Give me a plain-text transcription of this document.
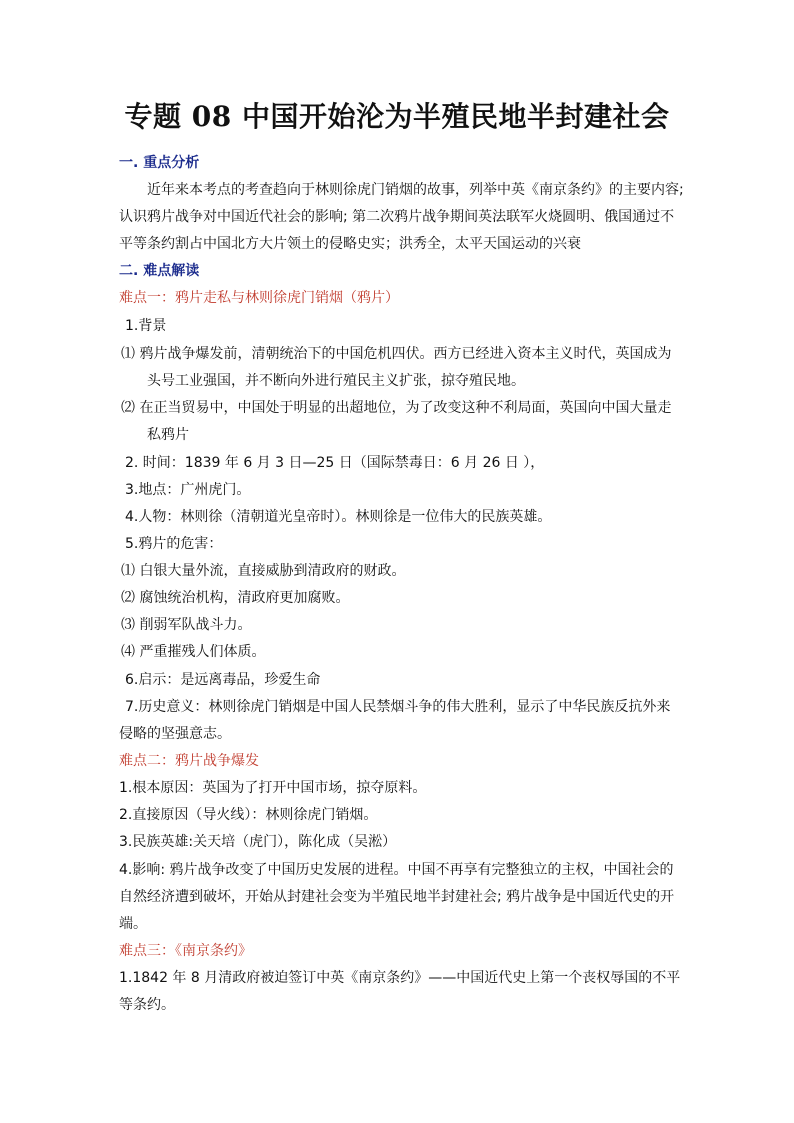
专题 08 中国开始沦为半殖民地半封建社会
一. 重点分析
近年来本考点的考查趋向于林则徐虎门销烟的故事，列举中英《南京条约》的主要内容;
认识鸦片战争对中国近代社会的影响; 第二次鸦片战争期间英法联军火烧圆明、俄国通过不
平等条约割占中国北方大片领土的侵略史实；洪秀全，太平天国运动的兴衰
二. 难点解读
难点一：鸦片走私与林则徐虎门销烟（鸦片）
1.背景
⑴ 鸦片战争爆发前，清朝统治下的中国危机四伏。西方已经进入资本主义时代，英国成为
头号工业强国，并不断向外进行殖民主义扩张，掠夺殖民地。
⑵ 在正当贸易中，中国处于明显的出超地位，为了改变这种不利局面，英国向中国大量走
私鸦片
2. 时间：1839 年 6 月 3 日—25 日（国际禁毒日：6 月 26 日 ），
3.地点：广州虎门。
4.人物：林则徐（清朝道光皇帝时）。林则徐是一位伟大的民族英雄。
5.鸦片的危害：
⑴ 白银大量外流，直接威胁到清政府的财政。
⑵ 腐蚀统治机构，清政府更加腐败。
⑶ 削弱军队战斗力。
⑷ 严重摧残人们体质。
6.启示：是远离毒品，珍爱生命
7.历史意义：林则徐虎门销烟是中国人民禁烟斗争的伟大胜利，显示了中华民族反抗外来
侵略的坚强意志。
难点二：鸦片战争爆发
1.根本原因：英国为了打开中国市场，掠夺原料。
2.直接原因（导火线）：林则徐虎门销烟。
3.民族英雄:关天培（虎门），陈化成（吴淞）
4.影响: 鸦片战争改变了中国历史发展的进程。中国不再享有完整独立的主权，中国社会的
自然经济遭到破坏，开始从封建社会变为半殖民地半封建社会; 鸦片战争是中国近代史的开
端。
难点三：《南京条约》
1.1842 年 8 月清政府被迫签订中英《南京条约》——中国近代史上第一个丧权辱国的不平
等条约。
